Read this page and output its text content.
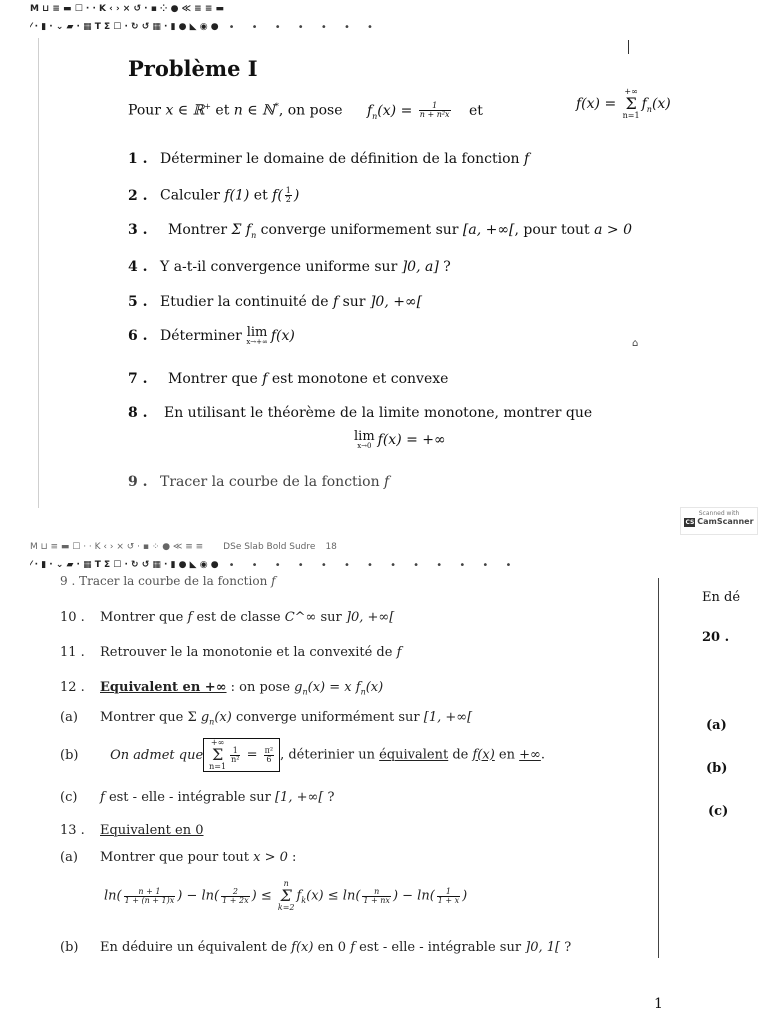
M ⊔ ≡ ▬ ☐ · · K ‹ › ⨯ ↺ · ▪ ⁘ ● ≪ ≡ ≡ ▬
⁄ · ▮ · ⌄ ▰ · ▦ T Σ ☐ · ↻ ↺ ▦ · ▮ ● ◣ ◉ ● • • • • • • •
Problème I
Pour x ∈ ℝ+ et n ∈ ℕ*, on pose $f_n(x) = \frac{1}{\text{n + n²x}}$ et	f(x) =
+∞
Σ
n=1
$f_n(x)$
1 . Déterminer le domaine de définition de la fonction f
2 . Calculer f(1) et $f( \frac{1}{2}$ )
3 . Montrer Σ $f_n$ converge uniformement sur [a, +∞[, pour tout a > 0
4 . Y a-t-il convergence uniforme sur ]0, a] ?
5 . Etudier la continuité de f sur ]0, +∞[
6 . Déterminer lim
x→+∞ f(x)	⌂
7 . Montrer que f est monotone et convexe
8 . En utilisant le théorème de la limite monotone, montrer que
lim
x→0 f(x) = +∞
9 . Tracer la courbe de la fonction f
Scanned with
CS CamScanner
M ⊔ ≡ ▬ ☐ · · K ‹ › ⨯ ↺ · ▪ ⁘ ● ≪ ≡ ≡ DSe Slab Bold Sudre 18
⁄ · ▮ · ⌄ ▰ · ▦ T Σ ☐ · ↻ ↺ ▦ · ▮ ● ◣ ◉ ● • • • • • • • • • • • • •
9 . Tracer la courbe de la fonction f
10 . Montrer que f est de classe C^∞ sur ]0, +∞[
11 . Retrouver le la monotonie et la convexité de f
12 . Equivalent en +∞ : on pose $g_n(x) = x$ $f_n(x)$
(a) Montrer que Σ $g_n(x)$ converge uniformément sur [1, +∞[
(b) On admet que
+∞
Σ
n=1
$\frac{1}{\text{n²}} = \frac{\text{π²}}{6}$ , déterinier un équivalent de f(x) en +∞.
(c) f est - elle - intégrable sur [1, +∞[ ?
13 . Equivalent en 0
(a) Montrer que pour tout x > 0 :
$\ln( \frac{n + 1}{1 + (n + 1)x}$ ) − $\ln( \frac{2}{1 + 2x}$ ) ≤
n
Σ
k=2
$f_k(x) \le \ln( \frac{n}{1 + nx}$ ) − $\ln( \frac{1}{1 + x}$ )
(b) En déduire un équivalent de f(x) en 0 f est - elle - intégrable sur ]0, 1[ ?
En dé
20 .
(a)
(b)
(c)
1
